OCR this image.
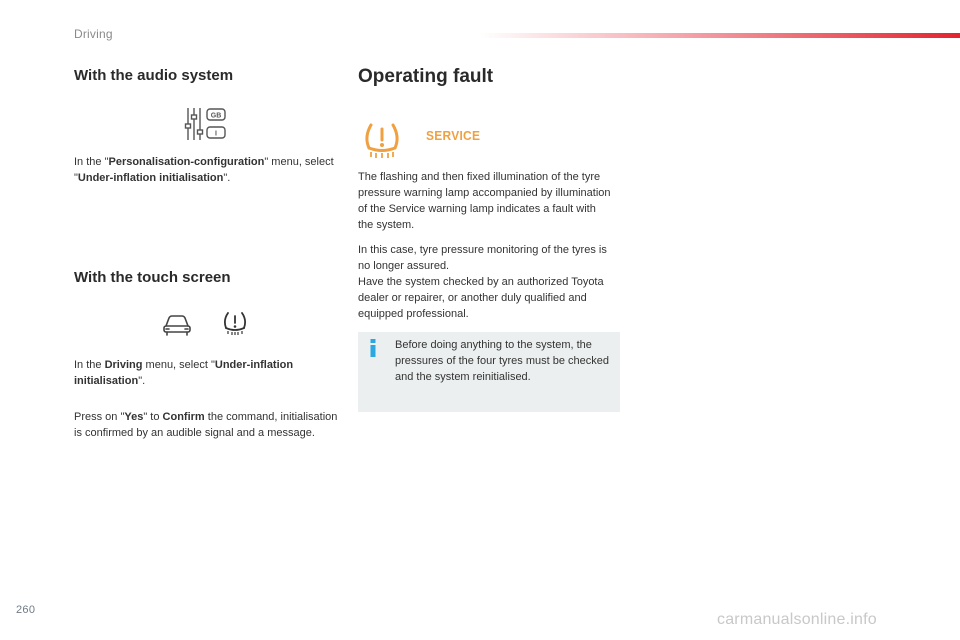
Driving
With the audio system
GB
I
In the "Personalisation-configuration" menu, select "Under-inflation initialisation".
With the touch screen
In the Driving menu, select "Under-inflation initialisation".
Press on "Yes" to Confirm the command, initialisation is confirmed by an audible signal and a message.
Operating fault
SERVICE
The flashing and then fixed illumination of the tyre pressure warning lamp accompanied by illumination of the Service warning lamp indicates a fault with the system.
In this case, tyre pressure monitoring of the tyres is no longer assured.
Have the system checked by an authorized Toyota dealer or repairer, or another duly qualified and equipped professional.
Before doing anything to the system, the pressures of the four tyres must be checked and the system reinitialised.
260
carmanualsonline.info
